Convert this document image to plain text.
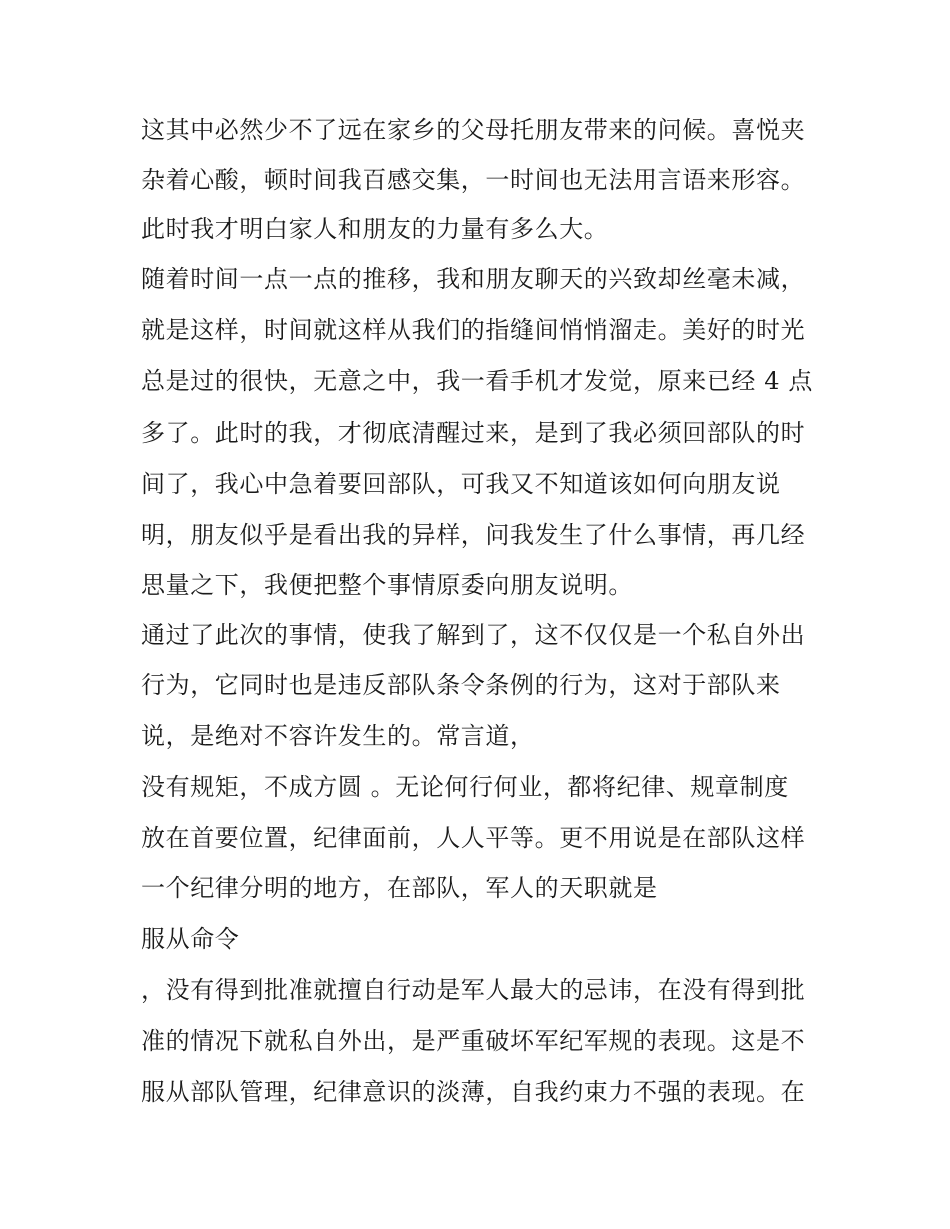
这其中必然少不了远在家乡的父母托朋友带来的问候。喜悦夹
杂着心酸，顿时间我百感交集，一时间也无法用言语来形容。
此时我才明白家人和朋友的力量有多么大。
随着时间一点一点的推移，我和朋友聊天的兴致却丝毫未减，
就是这样，时间就这样从我们的指缝间悄悄溜走。美好的时光
总是过的很快，无意之中，我一看手机才发觉，原来已经 4 点
多了。此时的我，才彻底清醒过来，是到了我必须回部队的时
间了，我心中急着要回部队，可我又不知道该如何向朋友说
明，朋友似乎是看出我的异样，问我发生了什么事情，再几经
思量之下，我便把整个事情原委向朋友说明。
通过了此次的事情，使我了解到了，这不仅仅是一个私自外出
行为，它同时也是违反部队条令条例的行为，这对于部队来
说，是绝对不容许发生的。常言道，
没有规矩，不成方圆 。无论何行何业，都将纪律、规章制度
放在首要位置，纪律面前，人人平等。更不用说是在部队这样
一个纪律分明的地方，在部队，军人的天职就是
服从命令
，没有得到批准就擅自行动是军人最大的忌讳，在没有得到批
准的情况下就私自外出，是严重破坏军纪军规的表现。这是不
服从部队管理，纪律意识的淡薄，自我约束力不强的表现。在
